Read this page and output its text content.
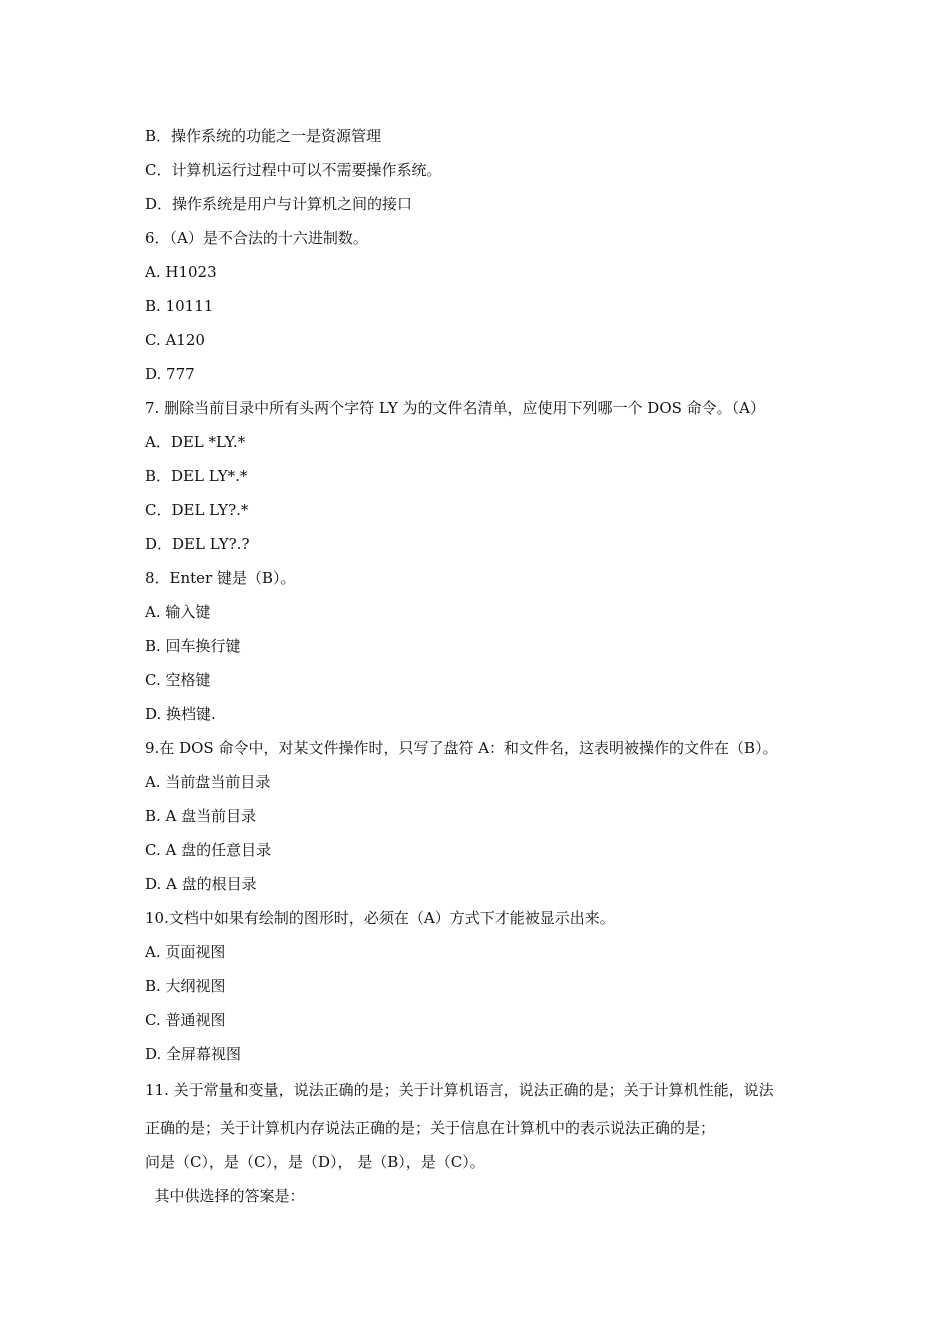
B．操作系统的功能之一是资源管理
C．计算机运行过程中可以不需要操作系统。
D．操作系统是用户与计算机之间的接口
6．（A）是不合法的十六进制数。
A. H1023
B. 10111
C. A120
D. 777
7. 删除当前目录中所有头两个字符 LY 为的文件名清单，应使用下列哪一个 DOS 命令。（A）
A．DEL *LY.*
B．DEL LY*.*
C．DEL LY?.*
D．DEL LY?.?
8．Enter 键是（B）。
A. 输入键
B. 回车换行键
C. 空格键
D. 换档键.
9.在 DOS 命令中，对某文件操作时，只写了盘符 A：和文件名，这表明被操作的文件在（B）。
A. 当前盘当前目录
B. A 盘当前目录
C. A 盘的任意目录
D. A 盘的根目录
10.文档中如果有绘制的图形时，必须在（A）方式下才能被显示出来。
A. 页面视图
B. 大纲视图
C. 普通视图
D. 全屏幕视图
11. 关于常量和变量，说法正确的是；关于计算机语言，说法正确的是；关于计算机性能，说法
正确的是；关于计算机内存说法正确的是；关于信息在计算机中的表示说法正确的是；
问是（C），是（C），是（D）， 是（B），是（C）。
其中供选择的答案是：
